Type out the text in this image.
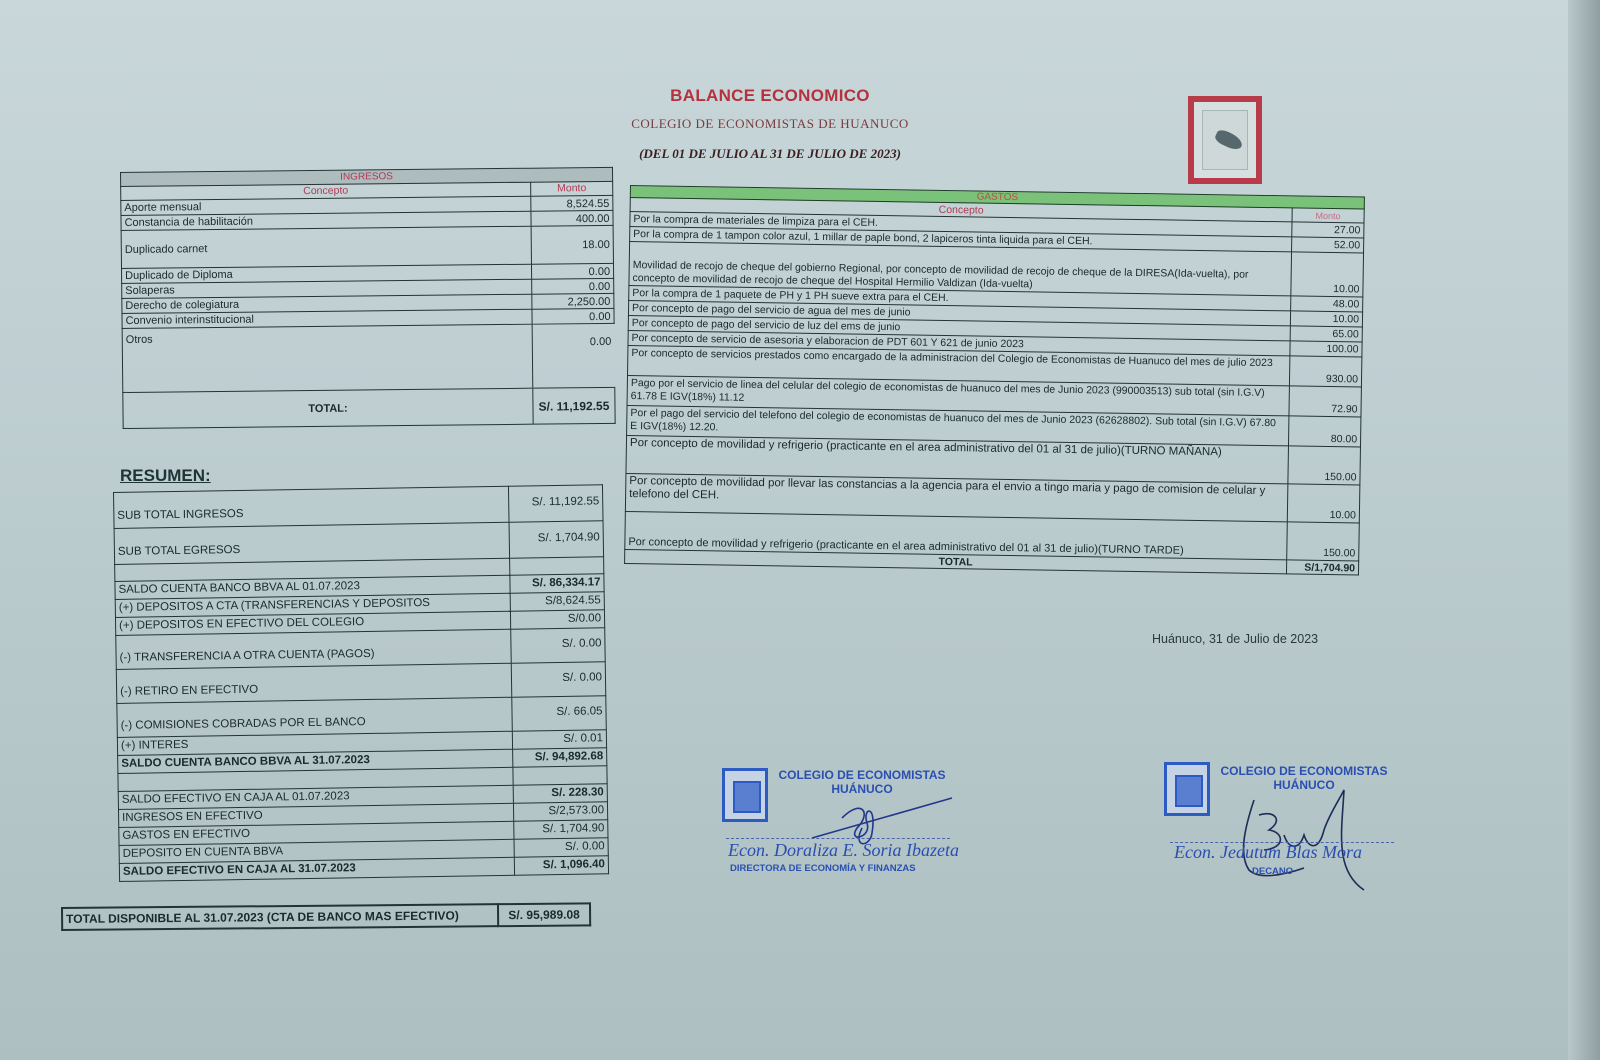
BALANCE ECONOMICO
COLEGIO DE ECONOMISTAS DE HUANUCO
(DEL 01 DE JULIO AL 31 DE JULIO DE 2023)
INGRESOS	
Concepto	Monto
Aporte mensual	8,524.55
Constancia de habilitación	400.00
Duplicado carnet	18.00
Duplicado de Diploma	0.00
Solaperas	0.00
Derecho de colegiatura	2,250.00
Convenio interinstitucional	0.00
Otros	0.00
TOTAL:	S/. 11,192.55
RESUMEN:
SUB TOTAL INGRESOS	S/. 11,192.55
SUB TOTAL EGRESOS	S/. 1,704.90

SALDO CUENTA BANCO BBVA AL 01.07.2023	S/. 86,334.17
(+) DEPOSITOS A CTA (TRANSFERENCIAS Y DEPOSITOS	S/8,624.55
(+) DEPOSITOS EN EFECTIVO DEL COLEGIO	S/0.00
(-) TRANSFERENCIA A OTRA CUENTA (PAGOS)	S/. 0.00
(-) RETIRO EN EFECTIVO	S/. 0.00
(-) COMISIONES COBRADAS POR EL BANCO	S/. 66.05
(+) INTERES	S/. 0.01
SALDO CUENTA BANCO BBVA AL 31.07.2023	S/. 94,892.68

SALDO EFECTIVO EN CAJA AL 01.07.2023	S/. 228.30
INGRESOS EN EFECTIVO	S/2,573.00
GASTOS EN EFECTIVO	S/. 1,704.90
DEPOSITO EN CUENTA BBVA	S/. 0.00
SALDO EFECTIVO EN CAJA AL 31.07.2023	S/. 1,096.40
TOTAL DISPONIBLE AL 31.07.2023 (CTA DE BANCO MAS EFECTIVO)	S/. 95,989.08
GASTOS	
Concepto	Monto
Por la compra de materiales de limpiza para el CEH.	27.00
Por la compra de 1 tampon color azul, 1 millar de paple bond, 2 lapiceros tinta liquida para el CEH.	52.00
Movilidad de recojo de cheque del gobierno Regional, por concepto de movilidad de recojo de cheque de la DIRESA(Ida-vuelta), por concepto de movilidad de recojo de cheque del Hospital Hermilio Valdizan (Ida-vuelta)	10.00
Por la compra de 1 paquete de PH y 1 PH sueve extra para el CEH.	48.00
Por concepto de pago del servicio de agua del mes de junio	10.00
Por concepto de pago del servicio de luz del ems de junio	65.00
Por concepto de servicio de asesoria y elaboracion de PDT 601 Y 621 de junio 2023	100.00
Por concepto de servicios prestados como encargado de la administracion del Colegio de Economistas de Huanuco del mes de julio 2023	930.00
Pago por el servicio de linea del celular del colegio de economistas de huanuco del mes de Junio 2023 (990003513) sub total (sin I.G.V) 61.78 E IGV(18%) 11.12	72.90
Por el pago del servicio del telefono del colegio de economistas de huanuco del mes de Junio 2023 (62628802). Sub total (sin I.G.V) 67.80 E IGV(18%) 12.20.	80.00
Por concepto de movilidad y refrigerio (practicante en el area administrativo del 01 al 31 de julio)(TURNO MAÑANA)	150.00
Por concepto de movilidad por llevar las constancias a la agencia para el envio a tingo maria y pago de comision de celular y telefono del CEH.	10.00
Por concepto de movilidad y refrigerio (practicante en el area administrativo del 01 al 31 de julio)(TURNO TARDE)	150.00
TOTAL	S/1,704.90
Huánuco, 31 de Julio de 2023
COLEGIO DE ECONOMISTAS
HUÁNUCO
Econ. Doraliza E. Soria Ibazeta
DIRECTORA DE ECONOMÍA Y FINANZAS
COLEGIO DE ECONOMISTAS
HUÁNUCO
Econ. Jedutum Blas Mora
DECANO
